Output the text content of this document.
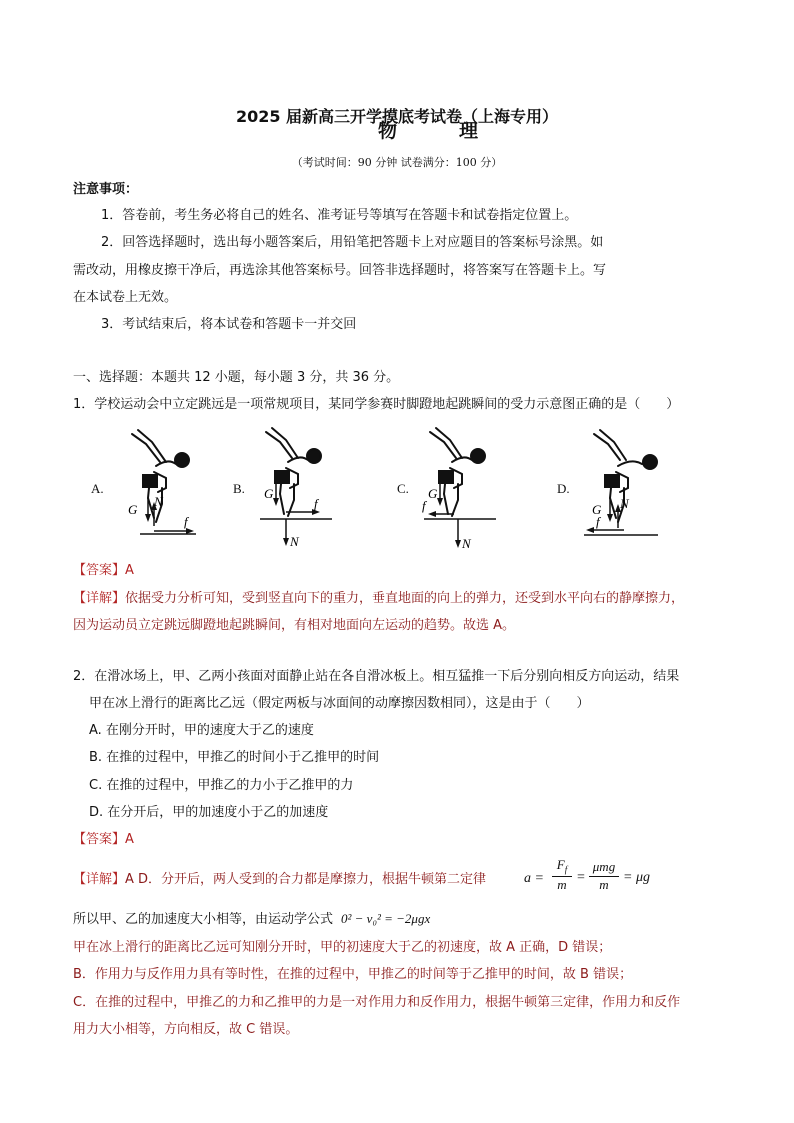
2025 届新高三开学摸底考试卷（上海专用）
物理
（考试时间：90 分钟 试卷满分：100 分）
注意事项：
1．答卷前，考生务必将自己的姓名、准考证号等填写在答题卡和试卷指定位置上。
2．回答选择题时，选出每小题答案后，用铅笔把答题卡上对应题目的答案标号涂黑。如
需改动，用橡皮擦干净后，再选涂其他答案标号。回答非选择题时，将答案写在答题卡上。写
在本试卷上无效。
3．考试结束后，将本试卷和答题卡一并交回
一、选择题：本题共 12 小题，每小题 3 分，共 36 分。
1．学校运动会中立定跳远是一项常规项目，某同学参赛时脚蹬地起跳瞬间的受力示意图正确的是（　　）
A.	B.	C.	D.
G
N
f
G
N
f
G
N
f	G N
f
【答案】A
【详解】依据受力分析可知，受到竖直向下的重力，垂直地面的向上的弹力，还受到水平向右的静摩擦力，
因为运动员立定跳远脚蹬地起跳瞬间，有相对地面向左运动的趋势。故选 A。
2．在滑冰场上，甲、乙两小孩面对面静止站在各自滑冰板上。相互猛推一下后分别向相反方向运动，结果
甲在冰上滑行的距离比乙远（假定两板与冰面间的动摩擦因数相同），这是由于（　　）
A. 在刚分开时，甲的速度大于乙的速度
B. 在推的过程中，甲推乙的时间小于乙推甲的时间
C. 在推的过程中，甲推乙的力小于乙推甲的力
D. 在分开后，甲的加速度小于乙的加速度
【答案】A
【详解】A D．分开后，两人受到的合力都是摩擦力，根据牛顿第二定律	a =
$F_f$
m =
μmg
m	= μg
所以甲、乙的加速度大小相等，由运动学公式 0² − v₀² = −2μgx
甲在冰上滑行的距离比乙远可知刚分开时，甲的初速度大于乙的初速度，故 A 正确，D 错误；
B．作用力与反作用力具有等时性，在推的过程中，甲推乙的时间等于乙推甲的时间，故 B 错误；
C．在推的过程中，甲推乙的力和乙推甲的力是一对作用力和反作用力，根据牛顿第三定律，作用力和反作
用力大小相等，方向相反，故 C 错误。
